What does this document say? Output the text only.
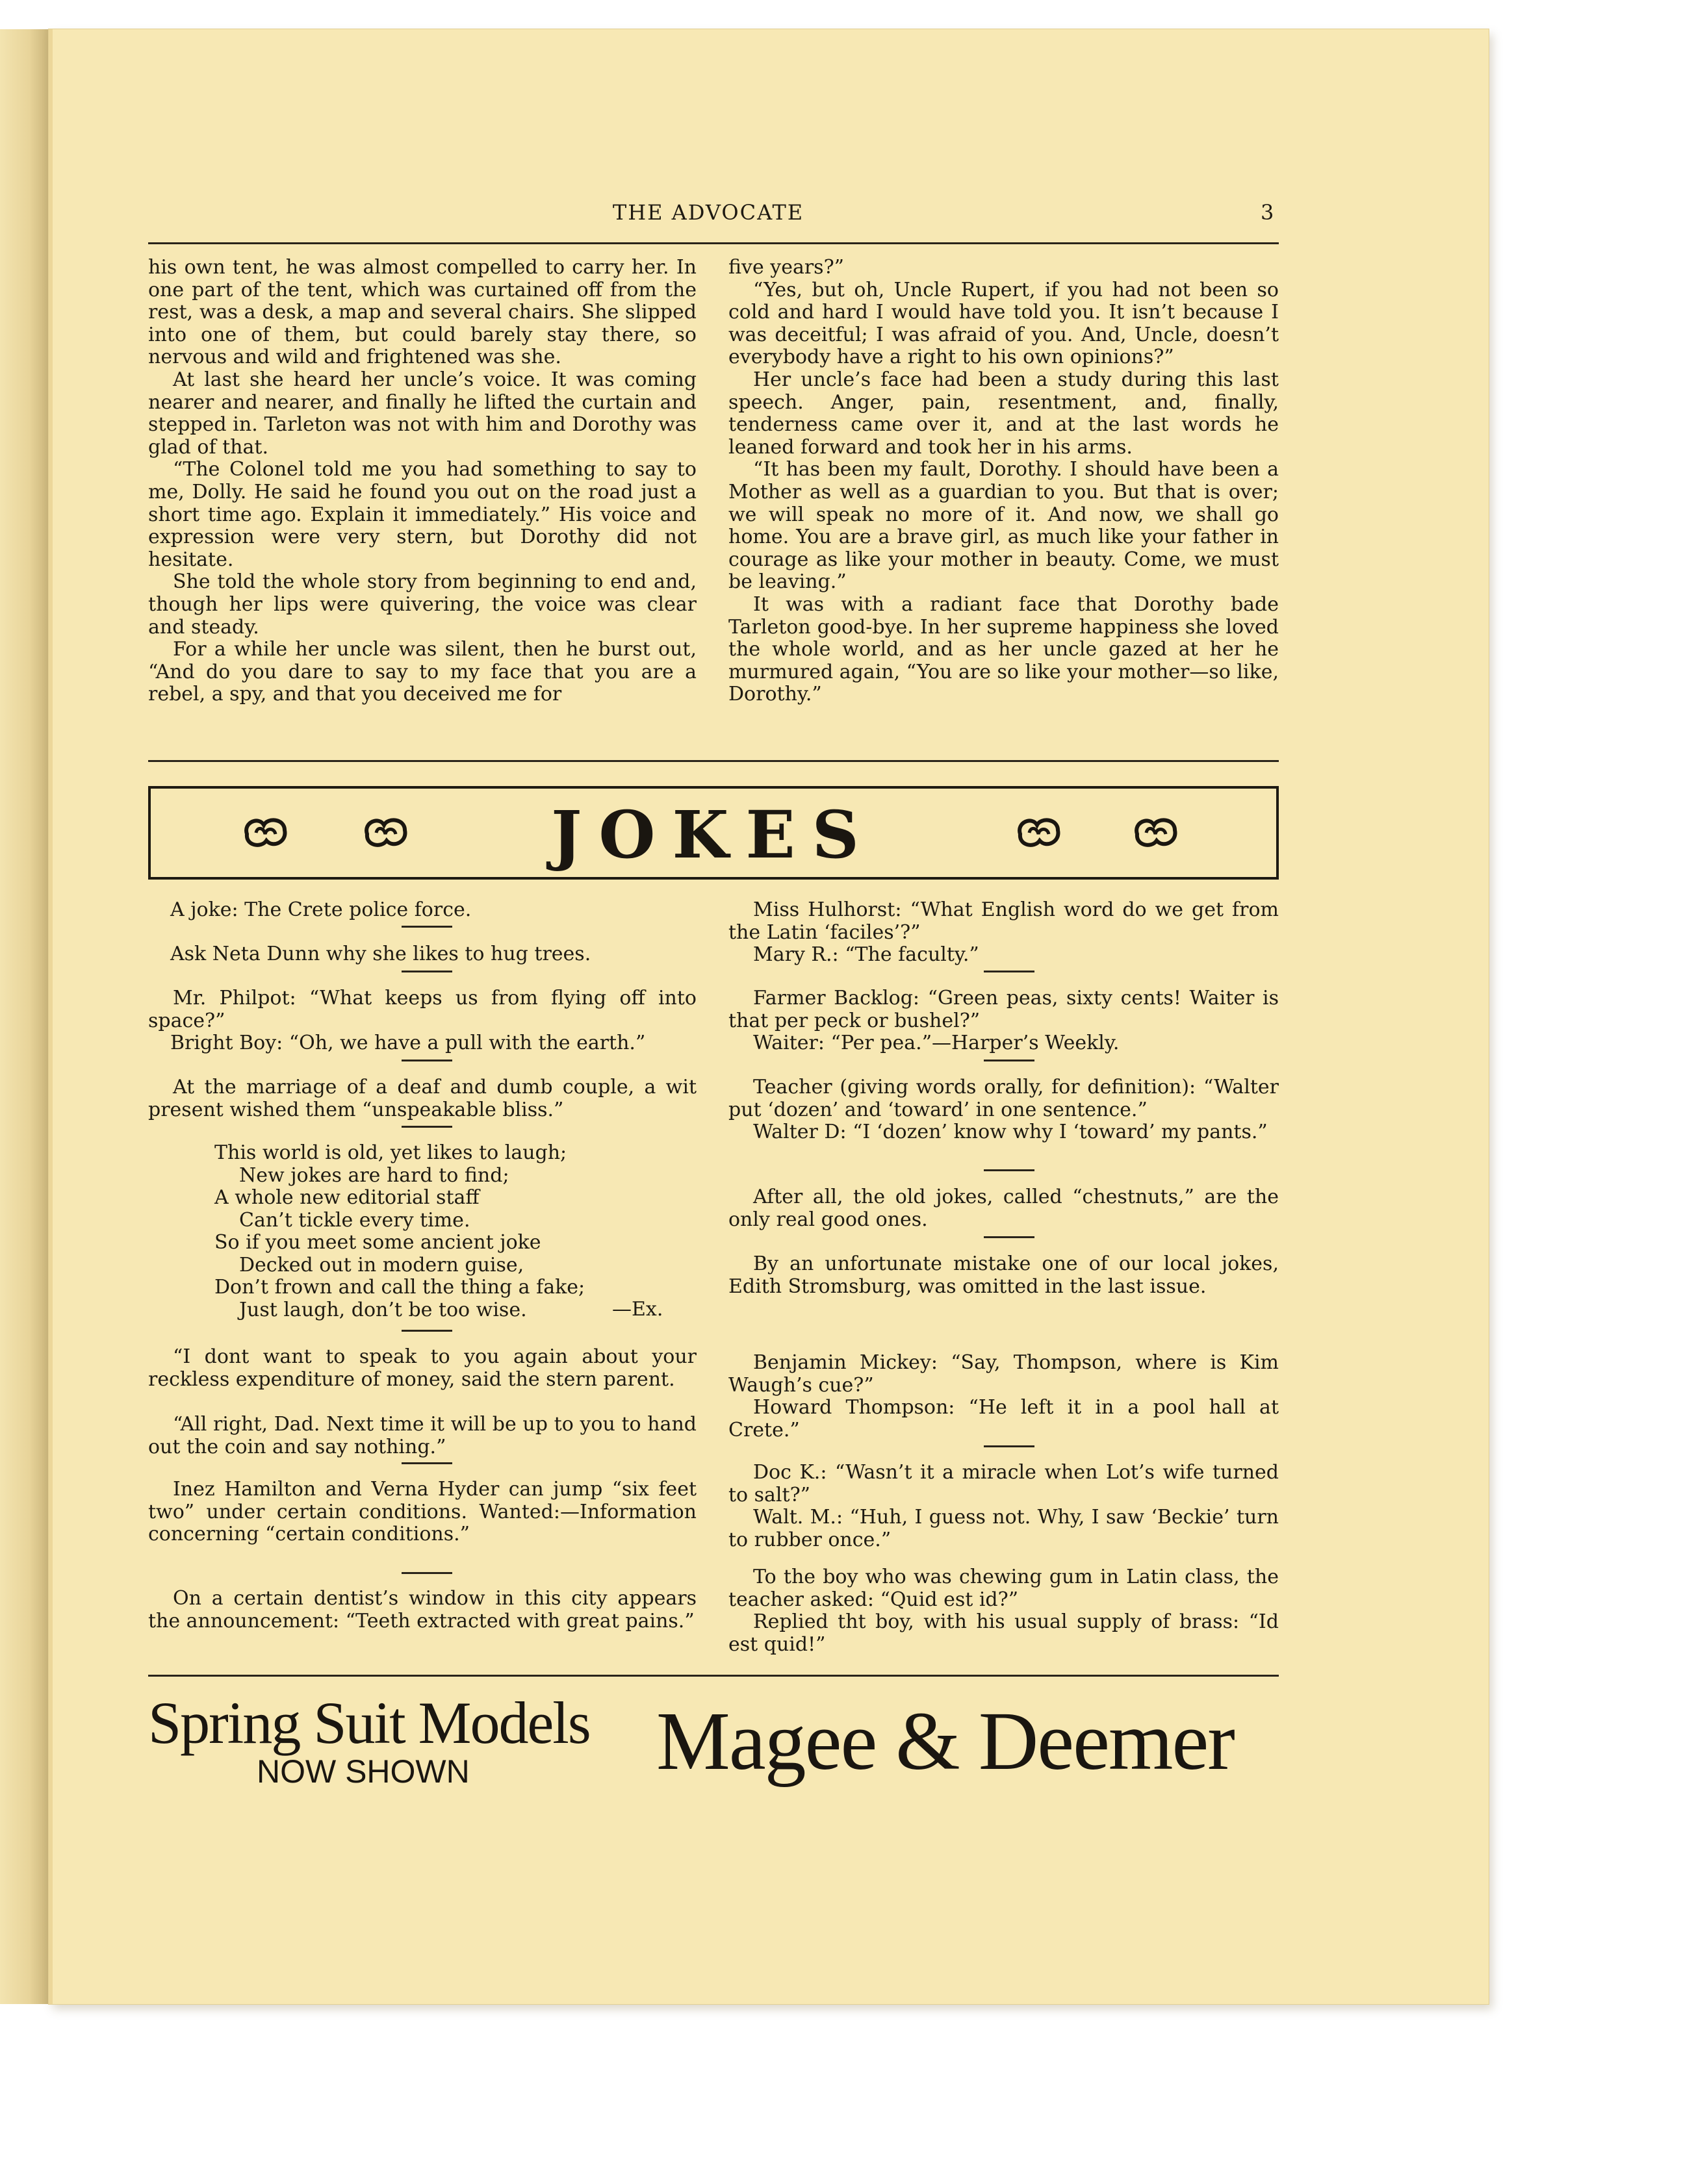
THE ADVOCATE	3
his own tent, he was almost compelled to carry her. In one part of the tent, which was curtained off from the rest, was a desk, a map and several chairs. She slipped into one of them, but could barely stay there, so nervous and wild and frightened was she.
At last she heard her uncle’s voice. It was coming nearer and nearer, and finally he lifted the curtain and stepped in. Tarleton was not with him and Dorothy was glad of that.
“The Colonel told me you had something to say to me, Dolly. He said he found you out on the road just a short time ago. Explain it immediately.” His voice and expression were very stern, but Dorothy did not hesitate.
She told the whole story from beginning to end and, though her lips were quivering, the voice was clear and steady.
For a while her uncle was silent, then he burst out, “And do you dare to say to my face that you are a rebel, a spy, and that you deceived me for
five years?”
“Yes, but oh, Uncle Rupert, if you had not been so cold and hard I would have told you. It isn’t because I was deceitful; I was afraid of you. And, Uncle, doesn’t everybody have a right to his own opinions?”
Her uncle’s face had been a study during this last speech. Anger, pain, resentment, and, finally, tenderness came over it, and at the last words he leaned forward and took her in his arms.
“It has been my fault, Dorothy. I should have been a Mother as well as a guardian to you. But that is over; we will speak no more of it. And now, we shall go home. You are a brave girl, as much like your father in courage as like your mother in beauty. Come, we must be leaving.”
It was with a radiant face that Dorothy bade Tarleton good-bye. In her supreme happiness she loved the whole world, and as her uncle gazed at her he murmured again, “You are so like your mother—so like, Dorothy.”
JOKES
A joke: The Crete police force.
Ask Neta Dunn why she likes to hug trees.
Mr. Philpot: “What keeps us from flying off into space?”
Bright Boy: “Oh, we have a pull with the earth.”
At the marriage of a deaf and dumb couple, a wit present wished them “unspeakable bliss.”
This world is old, yet likes to laugh;
New jokes are hard to find;
A whole new editorial staff
Can’t tickle every time.
So if you meet some ancient joke
Decked out in modern guise,
Don’t frown and call the thing a fake;
Just laugh, don’t be too wise.	—Ex.
“I dont want to speak to you again about your reckless expenditure of money, said the stern parent.
“All right, Dad. Next time it will be up to you to hand out the coin and say nothing.”
Inez Hamilton and Verna Hyder can jump “six feet two” under certain conditions. Wanted:—Information concerning “certain conditions.”
On a certain dentist’s window in this city appears the announcement: “Teeth extracted with great pains.”
Miss Hulhorst: “What English word do we get from the Latin ‘faciles’?”
Mary R.: “The faculty.”
Farmer Backlog: “Green peas, sixty cents! Waiter is that per peck or bushel?”
Waiter: “Per pea.”—Harper’s Weekly.
Teacher (giving words orally, for definition): “Walter put ‘dozen’ and ‘toward’ in one sentence.”
Walter D: “I ‘dozen’ know why I ‘toward’ my pants.”
After all, the old jokes, called “chestnuts,” are the only real good ones.
By an unfortunate mistake one of our local jokes, Edith Stromsburg, was omitted in the last issue.
Benjamin Mickey: “Say, Thompson, where is Kim Waugh’s cue?”
Howard Thompson: “He left it in a pool hall at Crete.”
Doc K.: “Wasn’t it a miracle when Lot’s wife turned to salt?”
Walt. M.: “Huh, I guess not. Why, I saw ‘Beckie’ turn to rubber once.”
To the boy who was chewing gum in Latin class, the teacher asked: “Quid est id?”
Replied tht boy, with his usual supply of brass: “Id est quid!”
Spring Suit Models
NOW SHOWN	Magee & Deemer
